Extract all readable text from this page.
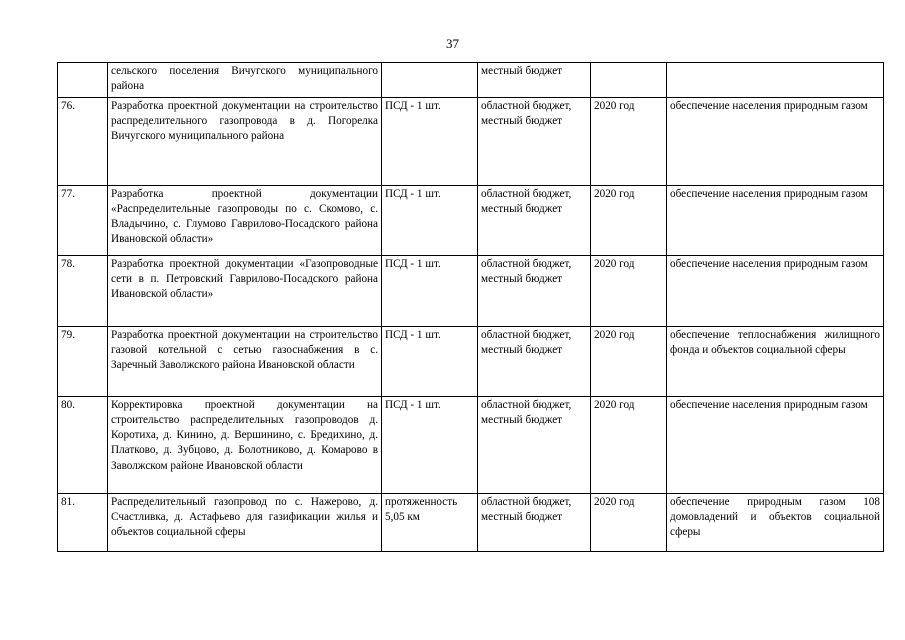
37
	сельского поселения Вичугского муниципального района		местный бюджет		
76.	Разработка проектной документации на строительство распределительного газопровода в д. Погорелка Вичугского муниципального района	ПСД - 1 шт.	областной бюджет, местный бюджет	2020 год	обеспечение населения природным газом
77.	Разработка проектной документации «Распределительные газопроводы по с. Скомово, с. Владычино, с. Глумово Гаврилово-Посадского района Ивановской области»	ПСД - 1 шт.	областной бюджет, местный бюджет	2020 год	обеспечение населения природным газом
78.	Разработка проектной документации «Газопроводные сети в п. Петровский Гаврилово-Посадского района Ивановской области»	ПСД - 1 шт.	областной бюджет, местный бюджет	2020 год	обеспечение населения природным газом
79.	Разработка проектной документации на строительство газовой котельной с сетью газоснабжения в с. Заречный Заволжского района Ивановской области	ПСД - 1 шт.	областной бюджет, местный бюджет	2020 год	обеспечение теплоснабжения жилищного фонда и объектов социальной сферы
80.	Корректировка проектной документации на строительство распределительных газопроводов д. Коротиха, д. Кинино, д. Вершинино, с. Бредихино, д. Платково, д. Зубцово, д. Болотниково, д. Комарово в Заволжском районе Ивановской области	ПСД - 1 шт.	областной бюджет, местный бюджет	2020 год	обеспечение населения природным газом
81.	Распределительный газопровод по с. Нажерово, д. Счастливка, д. Астафьево для газификации жилья и объектов социальной сферы	протяженность 5,05 км	областной бюджет, местный бюджет	2020 год	обеспечение природным газом 108 домовладений и объектов социальной сферы
